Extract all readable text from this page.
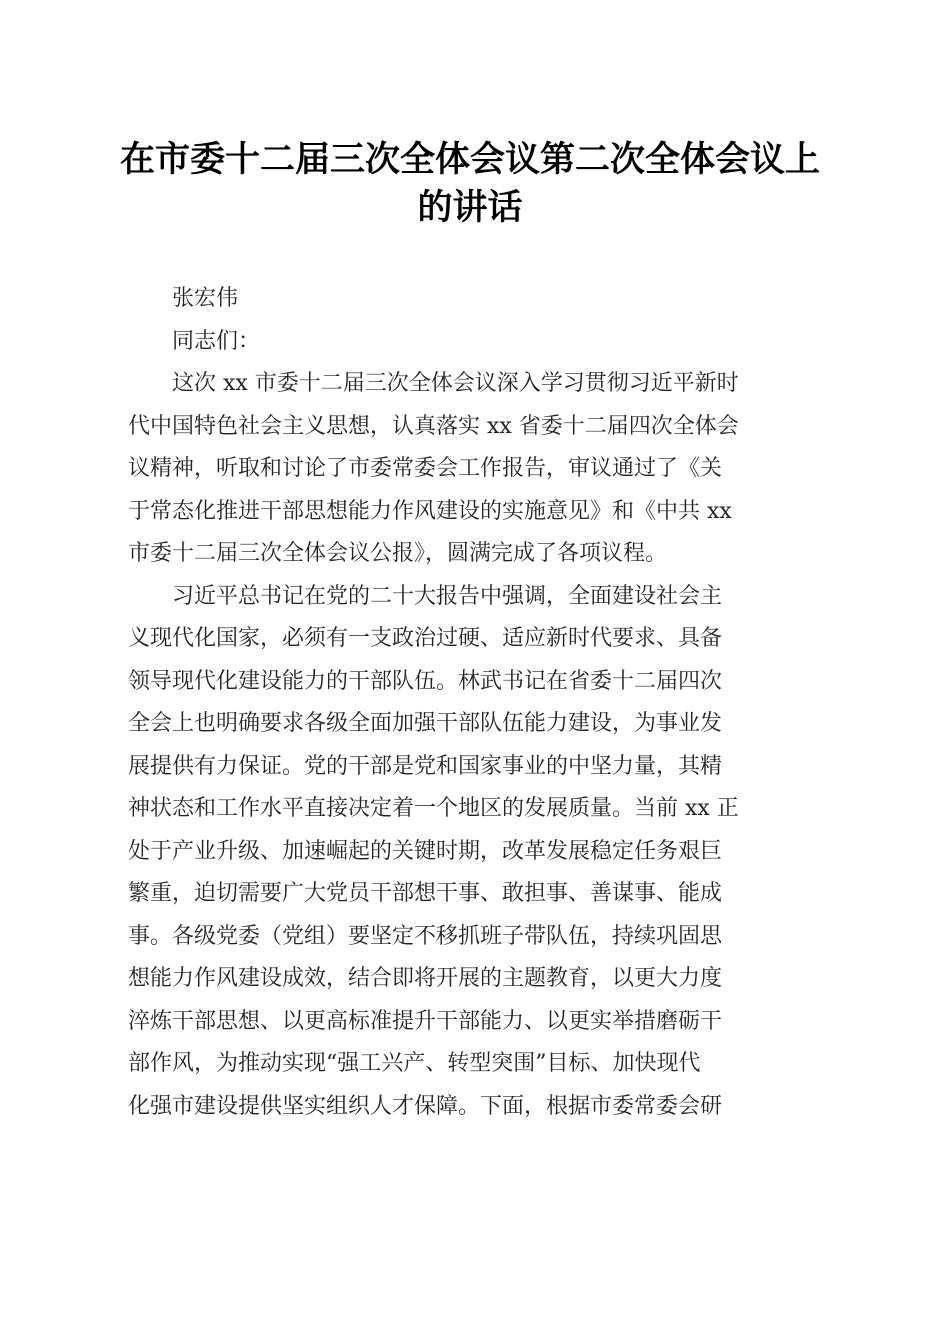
在市委十二届三次全体会议第二次全体会议上
的讲话
张宏伟
同志们：
这次 xx 市委十二届三次全体会议深入学习贯彻习近平新时
代中国特色社会主义思想，认真落实 xx 省委十二届四次全体会
议精神，听取和讨论了市委常委会工作报告，审议通过了《关
于常态化推进干部思想能力作风建设的实施意见》和《中共 xx
市委十二届三次全体会议公报》，圆满完成了各项议程。
习近平总书记在党的二十大报告中强调，全面建设社会主
义现代化国家，必须有一支政治过硬、适应新时代要求、具备
领导现代化建设能力的干部队伍。林武书记在省委十二届四次
全会上也明确要求各级全面加强干部队伍能力建设，为事业发
展提供有力保证。党的干部是党和国家事业的中坚力量，其精
神状态和工作水平直接决定着一个地区的发展质量。当前 xx 正
处于产业升级、加速崛起的关键时期，改革发展稳定任务艰巨
繁重，迫切需要广大党员干部想干事、敢担事、善谋事、能成
事。各级党委（党组）要坚定不移抓班子带队伍，持续巩固思
想能力作风建设成效，结合即将开展的主题教育，以更大力度
淬炼干部思想、以更高标准提升干部能力、以更实举措磨砺干
部作风，为推动实现“强工兴产、转型突围”目标、加快现代
化强市建设提供坚实组织人才保障。下面，根据市委常委会研
